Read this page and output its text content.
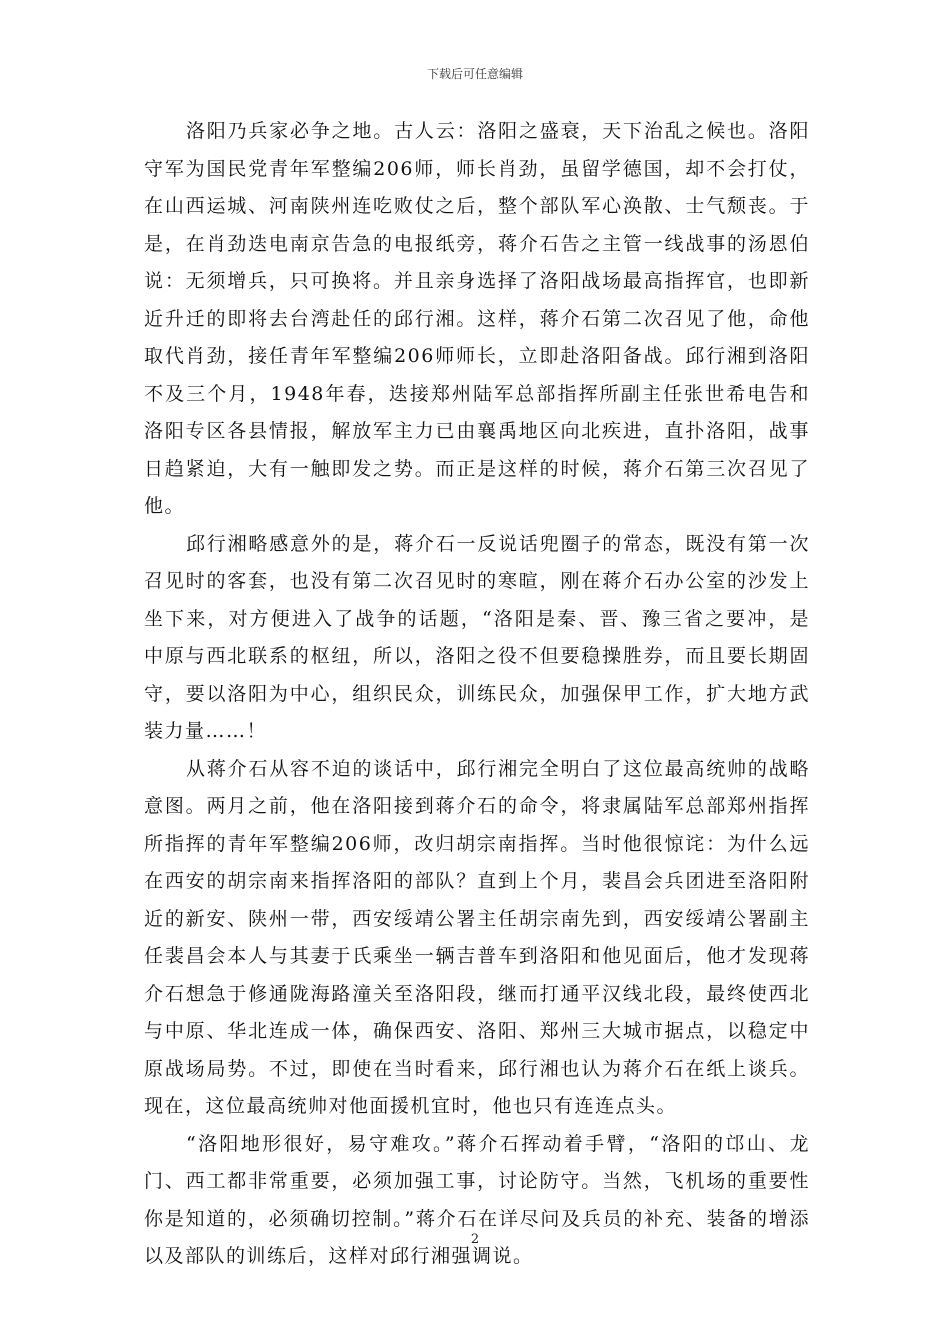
下载后可任意编辑

洛阳乃兵家必争之地。古人云：洛阳之盛衰，天下治乱之候也。洛阳守军为国民党青年军整编206师，师长肖劲，虽留学德国，却不会打仗，在山西运城、河南陕州连吃败仗之后，整个部队军心涣散、士气颓丧。于是，在肖劲迭电南京告急的电报纸旁，蒋介石告之主管一线战事的汤恩伯说：无须增兵，只可换将。并且亲身选择了洛阳战场最高指挥官，也即新近升迁的即将去台湾赴任的邱行湘。这样，蒋介石第二次召见了他，命他取代肖劲，接任青年军整编206师师长，立即赴洛阳备战。邱行湘到洛阳不及三个月，1948年春，迭接郑州陆军总部指挥所副主任张世希电告和洛阳专区各县情报，解放军主力已由襄禹地区向北疾进，直扑洛阳，战事日趋紧迫，大有一触即发之势。而正是这样的时候，蒋介石第三次召见了他。

邱行湘略感意外的是，蒋介石一反说话兜圈子的常态，既没有第一次召见时的客套，也没有第二次召见时的寒暄，刚在蒋介石办公室的沙发上坐下来，对方便进入了战争的话题，“洛阳是秦、晋、豫三省之要冲，是中原与西北联系的枢纽，所以，洛阳之役不但要稳操胜券，而且要长期固守，要以洛阳为中心，组织民众，训练民众，加强保甲工作，扩大地方武装力量……！

从蒋介石从容不迫的谈话中，邱行湘完全明白了这位最高统帅的战略意图。两月之前，他在洛阳接到蒋介石的命令，将隶属陆军总部郑州指挥所指挥的青年军整编206师，改归胡宗南指挥。当时他很惊诧：为什么远在西安的胡宗南来指挥洛阳的部队？直到上个月，裴昌会兵团进至洛阳附近的新安、陕州一带，西安绥靖公署主任胡宗南先到，西安绥靖公署副主任裴昌会本人与其妻于氏乘坐一辆吉普车到洛阳和他见面后，他才发现蒋介石想急于修通陇海路潼关至洛阳段，继而打通平汉线北段，最终使西北与中原、华北连成一体，确保西安、洛阳、郑州三大城市据点，以稳定中原战场局势。不过，即使在当时看来，邱行湘也认为蒋介石在纸上谈兵。现在，这位最高统帅对他面援机宜时，他也只有连连点头。

“洛阳地形很好，易守难攻。”蒋介石挥动着手臂，“洛阳的邙山、龙门、西工都非常重要，必须加强工事，讨论防守。当然，飞机场的重要性你是知道的，必须确切控制。”蒋介石在详尽问及兵员的补充、装备的增添以及部队的训练后，这样对邱行湘强调说。

2
